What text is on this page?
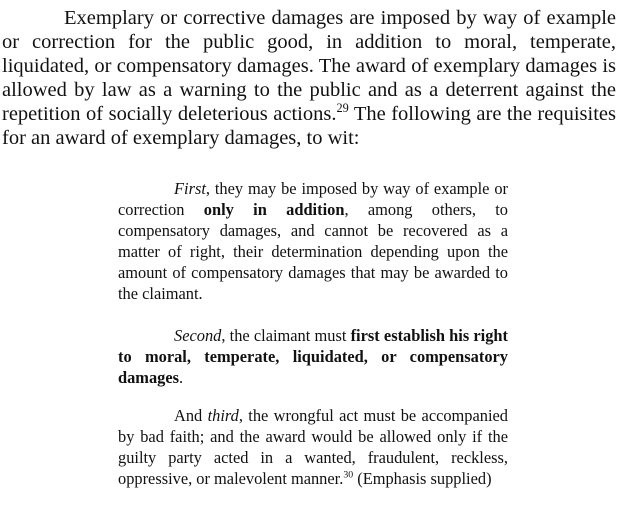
Exemplary or corrective damages are imposed by way of example or correction for the public good, in addition to moral, temperate, liquidated, or compensatory damages. The award of exemplary damages is allowed by law as a warning to the public and as a deterrent against the repetition of socially deleterious actions.$^{29}$ The following are the requisites for an award of exemplary damages, to wit:

First, they may be imposed by way of example or correction only in addition, among others, to compensatory damages, and cannot be recovered as a matter of right, their determination depending upon the amount of compensatory damages that may be awarded to the claimant.

Second, the claimant must first establish his right to moral, temperate, liquidated, or compensatory damages.

And third, the wrongful act must be accompanied by bad faith; and the award would be allowed only if the guilty party acted in a wanted, fraudulent, reckless, oppressive, or malevolent manner.$^{30}$ (Emphasis supplied)
